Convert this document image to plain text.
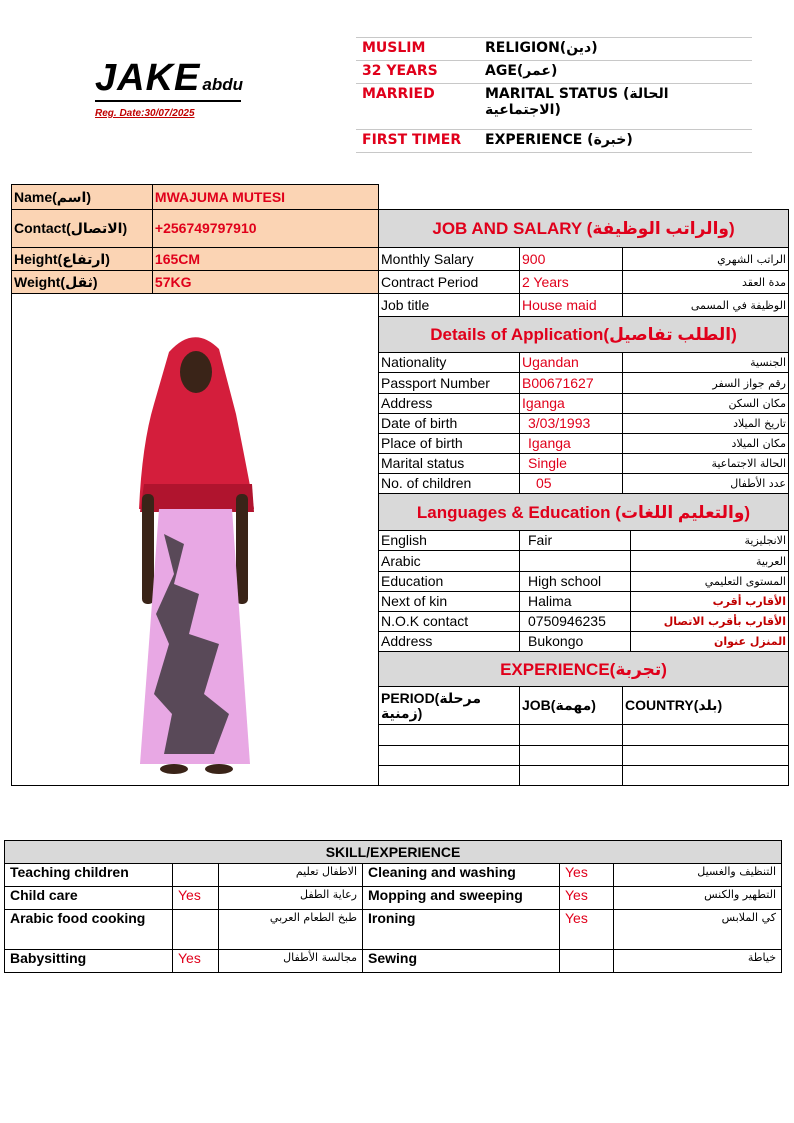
JAKE abdu
Reg. Date:30/07/2025
MUSLIM	RELIGION(دين)
32 YEARS	AGE(عمر)
MARRIED	MARITAL STATUS (الحالة الاجتماعية)
FIRST TIMER	EXPERIENCE (خبرة)
Name(اسم)	MWAJUMA MUTESI				
Contact(الاتصال)	+256749797910	JOB AND SALARY (والراتب الوظيفة)			
Height(ارتفاع)	165CM	Monthly Salary	900	الراتب الشهري	
Weight(ثقل)	57KG	Contract Period	2 Years	مدة العقد	
	Job title	House maid	الوظيفة في المسمى	
		Details of Application(الطلب تفاصيل)			
		Nationality	Ugandan	الجنسية	
		Passport Number	B00671627	رقم جواز السفر	
		Address	Iganga	مكان السكن	
		Date of birth	3/03/1993	تاريخ الميلاد	
		Place of birth	Iganga	مكان الميلاد	
		Marital status	Single	الحالة الاجتماعية	
		No. of children	05	عدد الأطفال	
		Languages & Education (والتعليم اللغات)			
		English	Fair		الانجليزية
		Arabic			العربية
		Education	High school		المستوى التعليمي
		Next of kin	Halima		الأقارب أقرب
		N.O.K contact	0750946235		الأقارب بأقرب الاتصال
		Address	Bukongo		المنزل عنوان
		EXPERIENCE(تجربة)			
		PERIOD(مرحلة زمنية)	JOB(مهمة)	COUNTRY(بلد)	

SKILL/EXPERIENCE					
Teaching children		الاطفال تعليم	Cleaning and washing	Yes	التنظيف والغسيل
Child care	Yes	رعاية الطفل	Mopping and sweeping	Yes	التطهير والكنس
Arabic food cooking		طبخ الطعام العربي	Ironing	Yes	كي الملابس
Babysitting	Yes	مجالسة الأطفال	Sewing		خياطة
